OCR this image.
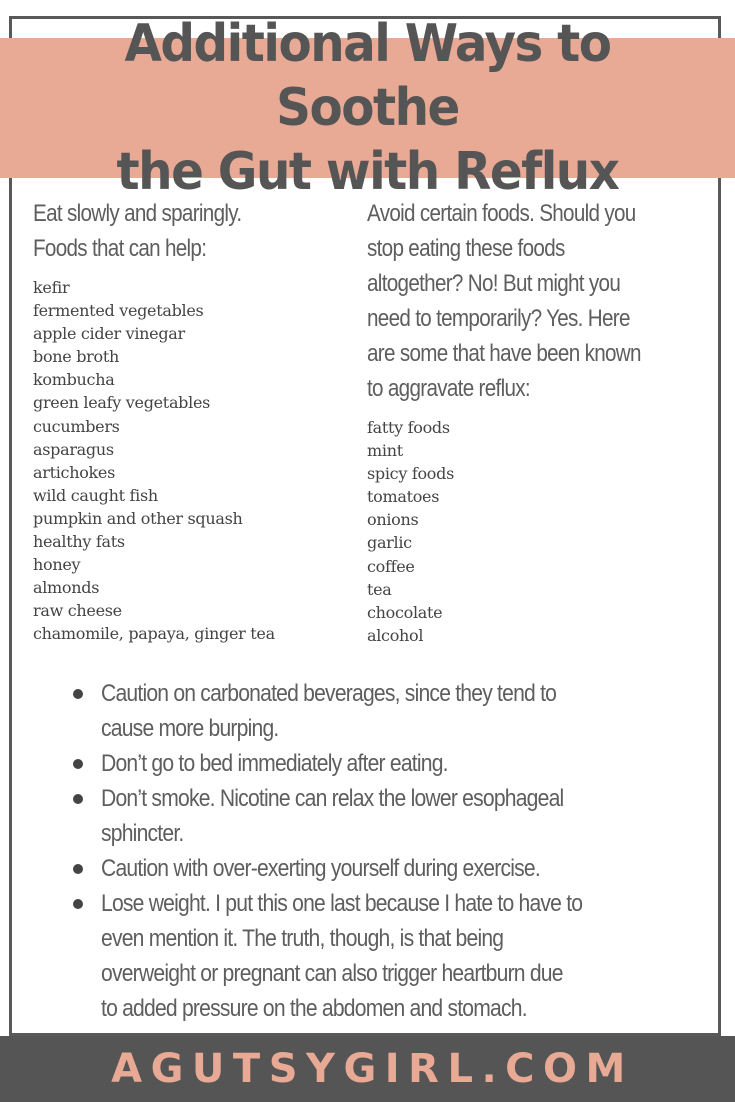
Additional Ways to Soothe
the Gut with Reflux
Eat slowly and sparingly.
Foods that can help:
kefir
fermented vegetables
apple cider vinegar
bone broth
kombucha
green leafy vegetables
cucumbers
asparagus
artichokes
wild caught fish
pumpkin and other squash
healthy fats
honey
almonds
raw cheese
chamomile, papaya, ginger tea
Avoid certain foods. Should you
stop eating these foods
altogether? No! But might you
need to temporarily? Yes. Here
are some that have been known
to aggravate reflux:
fatty foods
mint
spicy foods
tomatoes
onions
garlic
coffee
tea
chocolate
alcohol
Caution on carbonated beverages, since they tend to
cause more burping.
Don’t go to bed immediately after eating.
Don’t smoke. Nicotine can relax the lower esophageal
sphincter.
Caution with over-exerting yourself during exercise.
Lose weight. I put this one last because I hate to have to
even mention it. The truth, though, is that being
overweight or pregnant can also trigger heartburn due
to added pressure on the abdomen and stomach.
AGUTSYGIRL.COM
